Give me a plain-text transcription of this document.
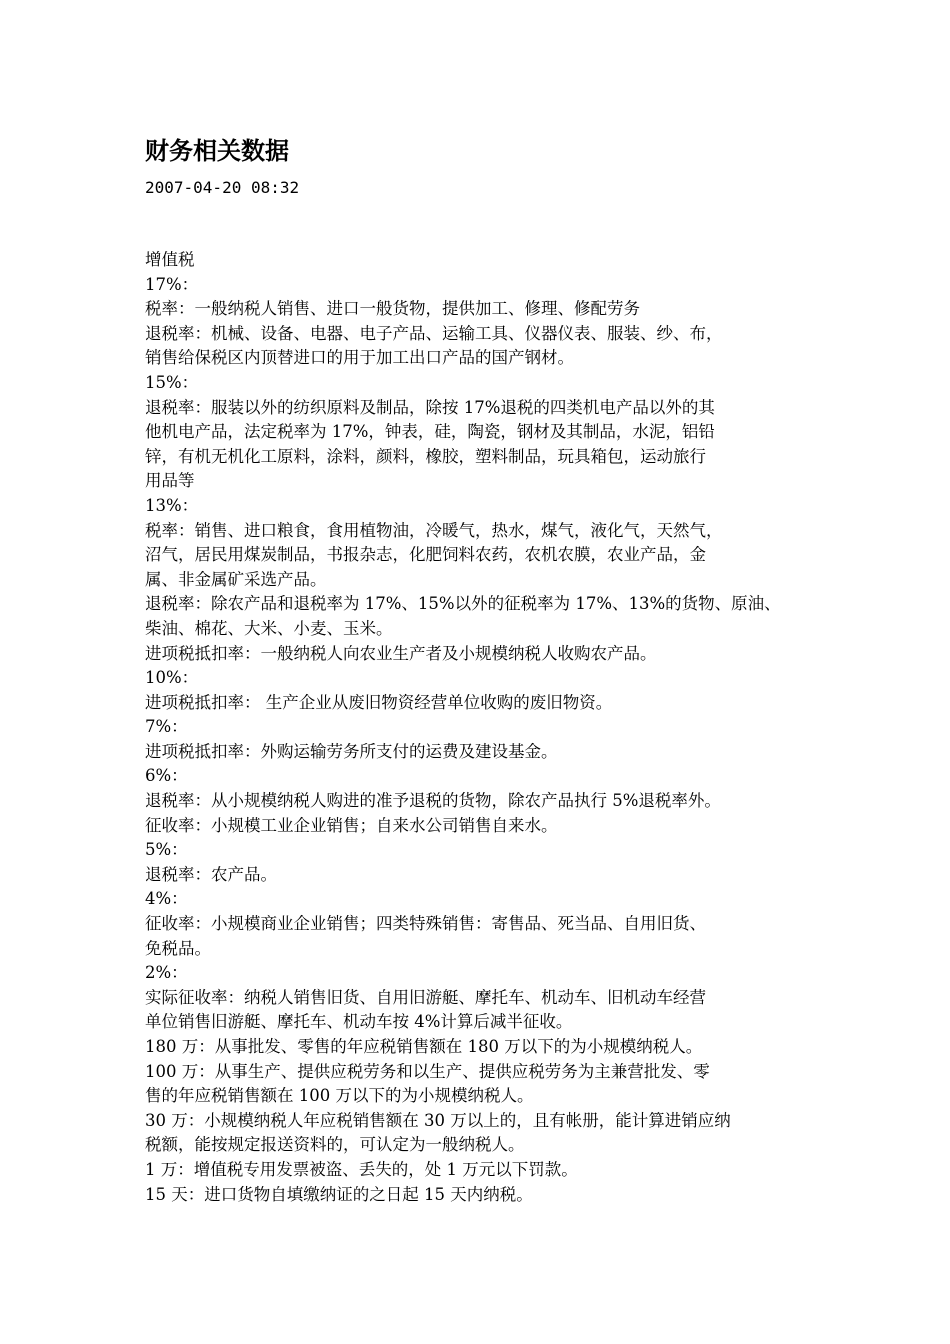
财务相关数据
2007-04-20 08:32
增值税
17%：
税率：一般纳税人销售、进口一般货物，提供加工、修理、修配劳务
退税率：机械、设备、电器、电子产品、运输工具、仪器仪表、服装、纱、布，
销售给保税区内顶替进口的用于加工出口产品的国产钢材。
15%：
退税率：服装以外的纺织原料及制品，除按 17%退税的四类机电产品以外的其
他机电产品，法定税率为 17%，钟表，硅，陶瓷，钢材及其制品，水泥，铝铅
锌，有机无机化工原料，涂料，颜料，橡胶，塑料制品，玩具箱包，运动旅行
用品等
13%：
税率：销售、进口粮食，食用植物油，冷暖气，热水，煤气，液化气，天然气，
沼气，居民用煤炭制品，书报杂志，化肥饲料农药，农机农膜，农业产品，金
属、非金属矿采选产品。
退税率：除农产品和退税率为 17%、15%以外的征税率为 17%、13%的货物、原油、
柴油、棉花、大米、小麦、玉米。
进项税抵扣率：一般纳税人向农业生产者及小规模纳税人收购农产品。
10%：
进项税抵扣率： 生产企业从废旧物资经营单位收购的废旧物资。
7%：
进项税抵扣率：外购运输劳务所支付的运费及建设基金。
6%：
退税率：从小规模纳税人购进的准予退税的货物，除农产品执行 5%退税率外。
征收率：小规模工业企业销售；自来水公司销售自来水。
5%：
退税率：农产品。
4%：
征收率：小规模商业企业销售；四类特殊销售：寄售品、死当品、自用旧货、
免税品。
2%：
实际征收率：纳税人销售旧货、自用旧游艇、摩托车、机动车、旧机动车经营
单位销售旧游艇、摩托车、机动车按 4%计算后减半征收。
180 万：从事批发、零售的年应税销售额在 180 万以下的为小规模纳税人。
100 万：从事生产、提供应税劳务和以生产、提供应税劳务为主兼营批发、零
售的年应税销售额在 100 万以下的为小规模纳税人。
30 万：小规模纳税人年应税销售额在 30 万以上的，且有帐册，能计算进销应纳
税额，能按规定报送资料的，可认定为一般纳税人。
1 万：增值税专用发票被盗、丢失的，处 1 万元以下罚款。
15 天：进口货物自填缴纳证的之日起 15 天内纳税。
